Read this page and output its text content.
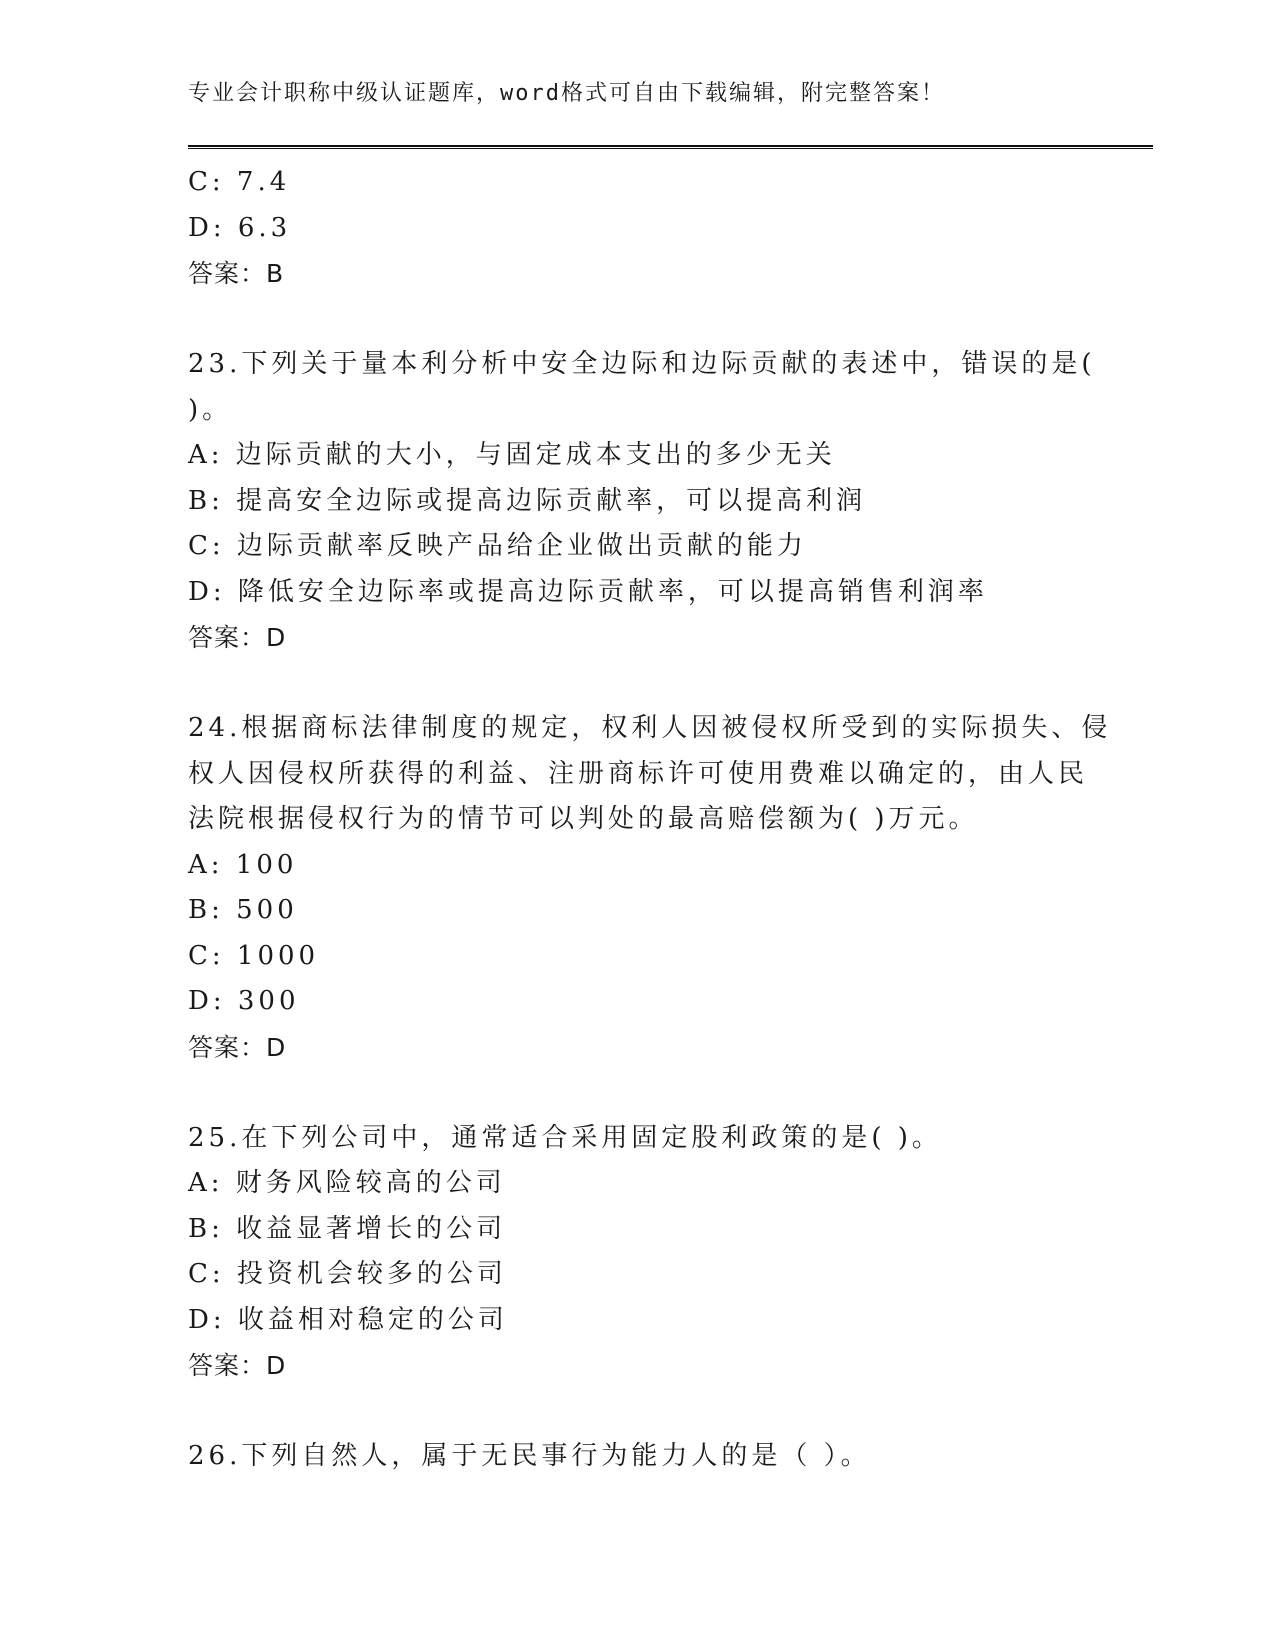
专业会计职称中级认证题库，word格式可自由下载编辑，附完整答案！
C: 7.4
D: 6.3
答案：B
23.下列关于量本利分析中安全边际和边际贡献的表述中，错误的是(
)。
A: 边际贡献的大小，与固定成本支出的多少无关
B: 提高安全边际或提高边际贡献率，可以提高利润
C: 边际贡献率反映产品给企业做出贡献的能力
D: 降低安全边际率或提高边际贡献率，可以提高销售利润率
答案：D
24.根据商标法律制度的规定，权利人因被侵权所受到的实际损失、侵
权人因侵权所获得的利益、注册商标许可使用费难以确定的，由人民
法院根据侵权行为的情节可以判处的最高赔偿额为( )万元。
A: 100
B: 500
C: 1000
D: 300
答案：D
25.在下列公司中，通常适合采用固定股利政策的是( )。
A: 财务风险较高的公司
B: 收益显著增长的公司
C: 投资机会较多的公司
D: 收益相对稳定的公司
答案：D
26.下列自然人，属于无民事行为能力人的是（ ）。
